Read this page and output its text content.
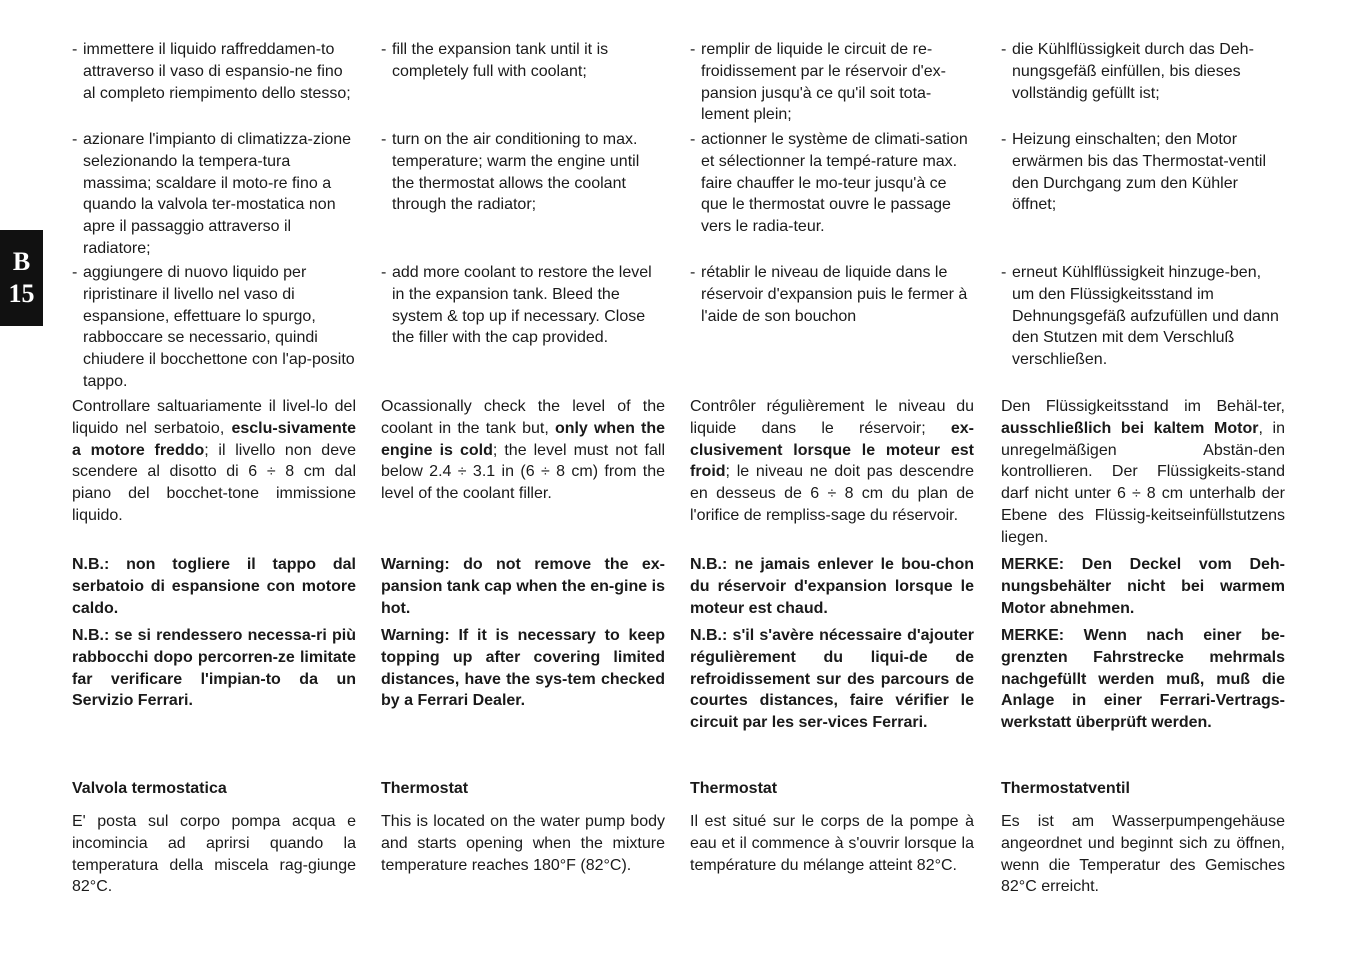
B
15

- immettere il liquido raffreddamen-to attraverso il vaso di espansio-ne fino al completo riempimento dello stesso;

- azionare l'impianto di climatizza-zione selezionando la tempera-tura massima; scaldare il moto-re fino a quando la valvola ter-mostatica non apre il passaggio attraverso il radiatore;

- aggiungere di nuovo liquido per ripristinare il livello nel vaso di espansione, effettuare lo spurgo, rabboccare se necessario, quindi chiudere il bocchettone con l'ap-posito tappo.

Controllare saltuariamente il livel-lo del liquido nel serbatoio, esclu-sivamente a motore freddo; il livello non deve scendere al disotto di 6 ÷ 8 cm dal piano del bocchet-tone immissione liquido.

N.B.: non togliere il tappo dal serbatoio di espansione con motore caldo.

N.B.: se si rendessero necessa-ri più rabbocchi dopo percorren-ze limitate far verificare l'impian-to da un Servizio Ferrari.

Valvola termostatica

E' posta sul corpo pompa acqua e incomincia ad aprirsi quando la temperatura della miscela rag-giunge 82°C.

- fill the expansion tank until it is completely full with coolant;

- turn on the air conditioning to max. temperature; warm the engine until the thermostat allows the coolant through the radiator;

- add more coolant to restore the level in the expansion tank. Bleed the system & top up if necessary. Close the filler with the cap provided.

Ocassionally check the level of the coolant in the tank but, only when the engine is cold; the level must not fall below 2.4 ÷ 3.1 in (6 ÷ 8 cm) from the level of the coolant filler.

Warning: do not remove the ex-pansion tank cap when the en-gine is hot.

Warning: If it is necessary to keep topping up after covering limited distances, have the sys-tem checked by a Ferrari Dealer.

Thermostat

This is located on the water pump body and starts opening when the mixture temperature reaches 180°F (82°C).

- remplir de liquide le circuit de re-froidissement par le réservoir d'ex-pansion jusqu'à ce qu'il soit tota-lement plein;

- actionner le système de climati-sation et sélectionner la tempé-rature max. faire chauffer le mo-teur jusqu'à ce que le thermostat ouvre le passage vers le radia-teur.

- rétablir le niveau de liquide dans le réservoir d'expansion puis le fermer à l'aide de son bouchon

Contrôler régulièrement le niveau du liquide dans le réservoir; ex-clusivement lorsque le moteur est froid; le niveau ne doit pas descendre en desseus de 6 ÷ 8 cm du plan de l'orifice de rempliss-sage du réservoir.

N.B.: ne jamais enlever le bou-chon du réservoir d'expansion lorsque le moteur est chaud.

N.B.: s'il s'avère nécessaire d'ajouter régulièrement du liqui-de de refroidissement sur des parcours de courtes distances, faire vérifier le circuit par les ser-vices Ferrari.

Thermostat

Il est situé sur le corps de la pompe à eau et il commence à s'ouvrir lorsque la température du mélange atteint 82°C.

- die Kühlflüssigkeit durch das Deh-nungsgefäß einfüllen, bis dieses vollständig gefüllt ist;

- Heizung einschalten; den Motor erwärmen bis das Thermostat-ventil den Durchgang zum den Kühler öffnet;

- erneut Kühlflüssigkeit hinzuge-ben, um den Flüssigkeitsstand im Dehnungsgefäß aufzufüllen und dann den Stutzen mit dem Verschluß verschließen.

Den Flüssigkeitsstand im Behäl-ter, ausschließlich bei kaltem Motor, in unregelmäßigen Abstän-den kontrollieren. Der Flüssigkeits-stand darf nicht unter 6 ÷ 8 cm unterhalb der Ebene des Flüssig-keitseinfüllstutzens liegen.

MERKE: Den Deckel vom Deh-nungsbehälter nicht bei warmem Motor abnehmen.

MERKE: Wenn nach einer be-grenzten Fahrstrecke mehrmals nachgefüllt werden muß, muß die Anlage in einer Ferrari-Vertrags-werkstatt überprüft werden.

Thermostatventil

Es ist am Wasserpumpengehäuse angeordnet und beginnt sich zu öffnen, wenn die Temperatur des Gemisches 82°C erreicht.
